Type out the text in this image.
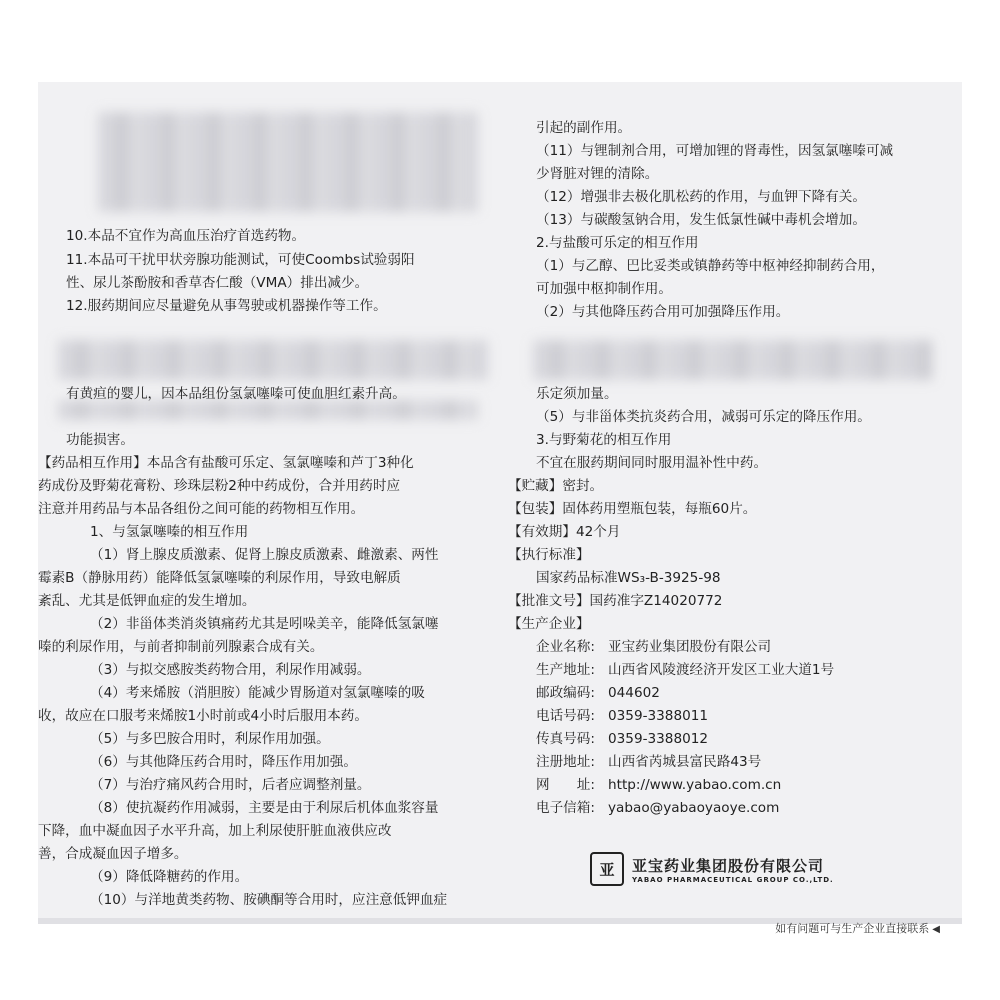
10.本品不宜作为高血压治疗首选药物。
11.本品可干扰甲状旁腺功能测试，可使Coombs试验弱阳
性、尿儿茶酚胺和香草杏仁酸（VMA）排出减少。
12.服药期间应尽量避免从事驾驶或机器操作等工作。
有黄疸的婴儿，因本品组份氢氯噻嗪可使血胆红素升高。
功能损害。
【药品相互作用】本品含有盐酸可乐定、氢氯噻嗪和芦丁3种化
药成份及野菊花膏粉、珍珠层粉2种中药成份，合并用药时应
注意并用药品与本品各组份之间可能的药物相互作用。
1、与氢氯噻嗪的相互作用
（1）肾上腺皮质激素、促肾上腺皮质激素、雌激素、两性
霉素B（静脉用药）能降低氢氯噻嗪的利尿作用，导致电解质
紊乱、尤其是低钾血症的发生增加。
（2）非甾体类消炎镇痛药尤其是吲哚美辛，能降低氢氯噻
嗪的利尿作用，与前者抑制前列腺素合成有关。
（3）与拟交感胺类药物合用，利尿作用减弱。
（4）考来烯胺（消胆胺）能减少胃肠道对氢氯噻嗪的吸
收，故应在口服考来烯胺1小时前或4小时后服用本药。
（5）与多巴胺合用时，利尿作用加强。
（6）与其他降压药合用时，降压作用加强。
（7）与治疗痛风药合用时，后者应调整剂量。
（8）使抗凝药作用减弱，主要是由于利尿后机体血浆容量
下降，血中凝血因子水平升高，加上利尿使肝脏血液供应改
善，合成凝血因子增多。
（9）降低降糖药的作用。
（10）与洋地黄类药物、胺碘酮等合用时，应注意低钾血症
引起的副作用。
（11）与锂制剂合用，可增加锂的肾毒性，因氢氯噻嗪可减
少肾脏对锂的清除。
（12）增强非去极化肌松药的作用，与血钾下降有关。
（13）与碳酸氢钠合用，发生低氯性碱中毒机会增加。
2.与盐酸可乐定的相互作用
（1）与乙醇、巴比妥类或镇静药等中枢神经抑制药合用，
可加强中枢抑制作用。
（2）与其他降压药合用可加强降压作用。
乐定须加量。
（5）与非甾体类抗炎药合用，减弱可乐定的降压作用。
3.与野菊花的相互作用
不宜在服药期间同时服用温补性中药。
【贮藏】密封。
【包装】固体药用塑瓶包装，每瓶60片。
【有效期】42个月
【执行标准】
国家药品标准WS₃-B-3925-98
【批准文号】国药准字Z14020772
【生产企业】
企业名称: 亚宝药业集团股份有限公司
生产地址: 山西省风陵渡经济开发区工业大道1号
邮政编码: 044602
电话号码: 0359-3388011
传真号码: 0359-3388012
注册地址: 山西省芮城县富民路43号
网　　址: http://www.yabao.com.cn
电子信箱: yabao@yabaoyaoye.com
亚	亚宝药业集团股份有限公司
YABAO PHARMACEUTICAL GROUP CO.,LTD.
如有问题可与生产企业直接联系 ◀
